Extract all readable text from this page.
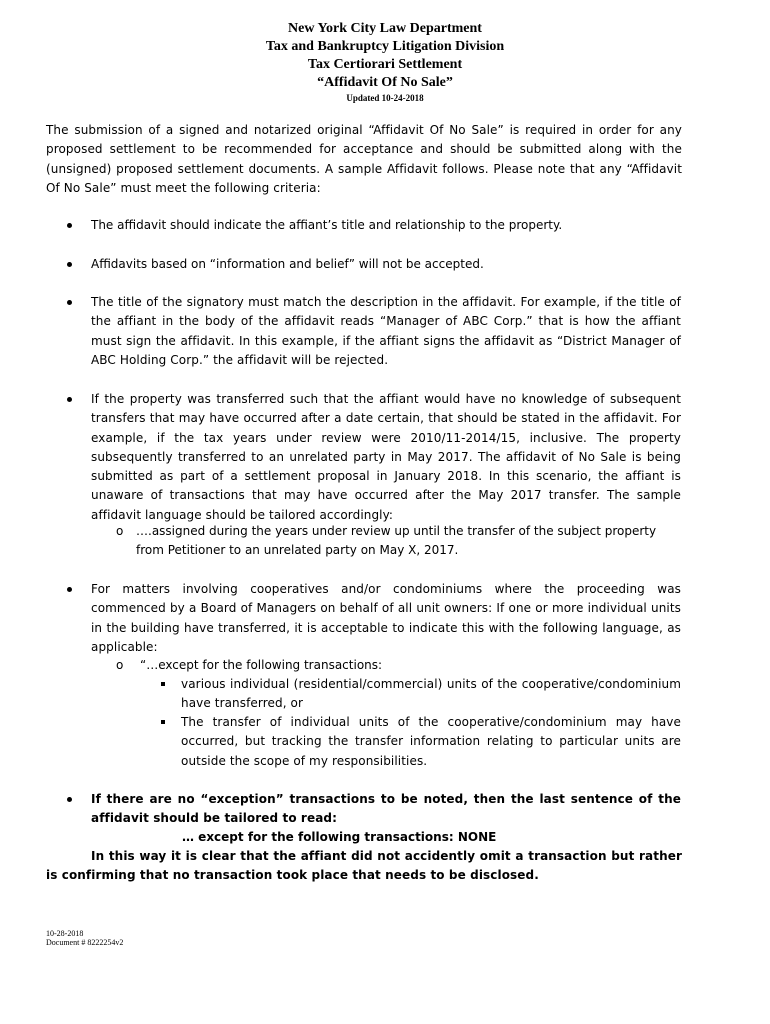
New York City Law Department
Tax and Bankruptcy Litigation Division
Tax Certiorari Settlement
“Affidavit Of No Sale”
Updated 10-24-2018
The submission of a signed and notarized original “Affidavit Of No Sale” is required in order for any proposed settlement to be recommended for acceptance and should be submitted along with the (unsigned) proposed settlement documents. A sample Affidavit follows. Please note that any “Affidavit Of No Sale” must meet the following criteria:
The affidavit should indicate the affiant’s title and relationship to the property.
Affidavits based on “information and belief” will not be accepted.
The title of the signatory must match the description in the affidavit. For example, if the title of the affiant in the body of the affidavit reads “Manager of ABC Corp.” that is how the affiant must sign the affidavit. In this example, if the affiant signs the affidavit as “District Manager of ABC Holding Corp.” the affidavit will be rejected.
If the property was transferred such that the affiant would have no knowledge of subsequent transfers that may have occurred after a date certain, that should be stated in the affidavit. For example, if the tax years under review were 2010/11-2014/15, inclusive. The property subsequently transferred to an unrelated party in May 2017. The affidavit of No Sale is being submitted as part of a settlement proposal in January 2018. In this scenario, the affiant is unaware of transactions that may have occurred after the May 2017 transfer. The sample affidavit language should be tailored accordingly:
o ….assigned during the years under review up until the transfer of the subject property from Petitioner to an unrelated party on May X, 2017.
For matters involving cooperatives and/or condominiums where the proceeding was commenced by a Board of Managers on behalf of all unit owners: If one or more individual units in the building have transferred, it is acceptable to indicate this with the following language, as applicable:
o “…except for the following transactions:
various individual (residential/commercial) units of the cooperative/condominium have transferred, or
The transfer of individual units of the cooperative/condominium may have occurred, but tracking the transfer information relating to particular units are outside the scope of my responsibilities.
If there are no “exception” transactions to be noted, then the last sentence of the affidavit should be tailored to read:
… except for the following transactions: NONE
In this way it is clear that the affiant did not accidently omit a transaction but rather is confirming that no transaction took place that needs to be disclosed.
10-28-2018
Document # 8222254v2
